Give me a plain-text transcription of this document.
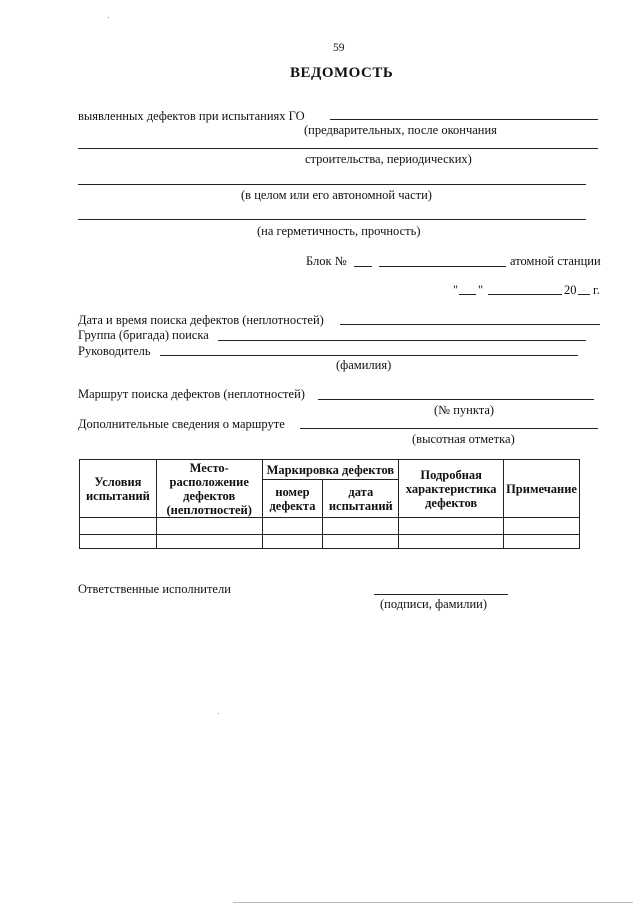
59
ВЕДОМОСТЬ
выявленных дефектов при испытаниях ГО
(предварительных, после окончания
строительства, периодических)
(в целом или его автономной части)
(на герметичность, прочность)
Блок №	атомной станции
" "	20 г.
Дата и время поиска дефектов (неплотностей)
Группа (бригада) поиска
Руководитель
(фамилия)
Маршрут поиска дефектов (неплотностей)
(№ пункта)
Дополнительные сведения о маршруте
(высотная отметка)
Условия испытаний	Место-расположение дефектов (неплотностей)	Маркировка дефектов		Подробная характеристика дефектов	Примечание
		номер дефекта	дата испытаний		

Ответственные исполнители
(подписи, фамилии)
